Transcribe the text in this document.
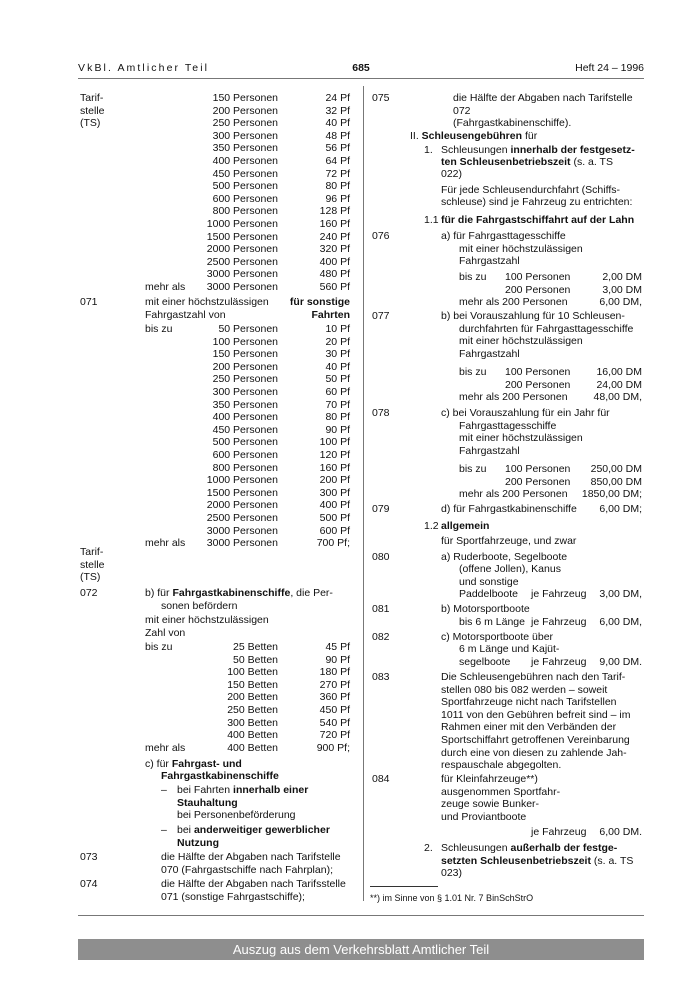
VkBl. Amtlicher Teil	685	Heft 24 – 1996
Tarif-
stelle
(TS)
150 Personen	24 Pf
200 Personen	32 Pf
250 Personen	40 Pf
300 Personen	48 Pf
350 Personen	56 Pf
400 Personen	64 Pf
450 Personen	72 Pf
500 Personen	80 Pf
600 Personen	96 Pf
800 Personen	128 Pf
1000 Personen	160 Pf
1500 Personen	240 Pf
2000 Personen	320 Pf
2500 Personen	400 Pf
3000 Personen	480 Pf
mehr als 3000 Personen	560 Pf
071	mit einer höchstzulässigen für sonstige
Fahrgastzahl von	Fahrten
bis zu	50 Personen	10 Pf
100 Personen	20 Pf
150 Personen	30 Pf
200 Personen	40 Pf
250 Personen	50 Pf
300 Personen	60 Pf
350 Personen	70 Pf
400 Personen	80 Pf
450 Personen	90 Pf
500 Personen	100 Pf
600 Personen	120 Pf
800 Personen	160 Pf
1000 Personen	200 Pf
1500 Personen	300 Pf
2000 Personen	400 Pf
2500 Personen	500 Pf
3000 Personen	600 Pf
mehr als 3000 Personen	700 Pf;
Tarif-
stelle
(TS)
072	b) für Fahrgastkabinenschiffe, die Per-
sonen befördern
mit einer höchstzulässigen
Zahl von
bis zu	25 Betten	45 Pf
50 Betten	90 Pf
100 Betten	180 Pf
150 Betten	270 Pf
200 Betten	360 Pf
250 Betten	450 Pf
300 Betten	540 Pf
400 Betten	720 Pf
mehr als	400 Betten	900 Pf;
c) für Fahrgast- und
Fahrgastkabinenschiffe
– bei Fahrten innerhalb einer
Stauhaltung
bei Personenbeförderung
– bei anderweitiger gewerblicher
Nutzung
073	die Hälfte der Abgaben nach Tarifstelle
070 (Fahrgastschiffe nach Fahrplan);
074	die Hälfte der Abgaben nach Tarifsstelle
071 (sonstige Fahrgastschiffe);
075	die Hälfte der Abgaben nach Tarifstelle
072
(Fahrgastkabinenschiffe).
II. Schleusengebühren für
1. Schleusungen innerhalb der festgesetz-
ten Schleusenbetriebszeit (s. a. TS
022)
Für jede Schleusendurchfahrt (Schiffs-
schleuse) sind je Fahrzeug zu entrichten:
1.1 für die Fahrgastschiffahrt auf der Lahn
076	a) für Fahrgasttagesschiffe
mit einer höchstzulässigen
Fahrgastzahl
bis zu 100 Personen	2,00 DM
200 Personen	3,00 DM
mehr als 200 Personen	6,00 DM,
077	b) bei Vorauszahlung für 10 Schleusen-
durchfahrten für Fahrgasttagesschiffe
mit einer höchstzulässigen
Fahrgastzahl
bis zu 100 Personen 16,00 DM
200 Personen 24,00 DM
mehr als 200 Personen 48,00 DM,
078	c) bei Vorauszahlung für ein Jahr für
Fahrgasttagesschiffe
mit einer höchstzulässigen
Fahrgastzahl
bis zu 100 Personen 250,00 DM
200 Personen 850,00 DM
mehr als 200 Personen 1850,00 DM;
079	d) für Fahrgastkabinenschiffe 6,00 DM;
1.2 allgemein
für Sportfahrzeuge, und zwar
080	a) Ruderboote, Segelboote
(offene Jollen), Kanus
und sonstige
Paddelboote je Fahrzeug 3,00 DM,
081	b) Motorsportboote
bis 6 m Länge je Fahrzeug 6,00 DM,
082	c) Motorsportboote über
6 m Länge und Kajüt-
segelboote je Fahrzeug 9,00 DM.
083	Die Schleusengebühren nach den Tarif-
stellen 080 bis 082 werden – soweit
Sportfahrzeuge nicht nach Tarifstellen
1011 von den Gebühren befreit sind – im
Rahmen einer mit den Verbänden der
Sportschiffahrt getroffenen Vereinbarung
durch eine von diesen zu zahlende Jah-
respauschale abgegolten.
084	für Kleinfahrzeuge**)
ausgenommen Sportfahr-
zeuge sowie Bunker-
und Proviantboote
je Fahrzeug 6,00 DM.
2. Schleusungen außerhalb der festge-
setzten Schleusenbetriebszeit (s. a. TS
023)
**) im Sinne von § 1.01 Nr. 7 BinSchStrO
Auszug aus dem Verkehrsblatt Amtlicher Teil
